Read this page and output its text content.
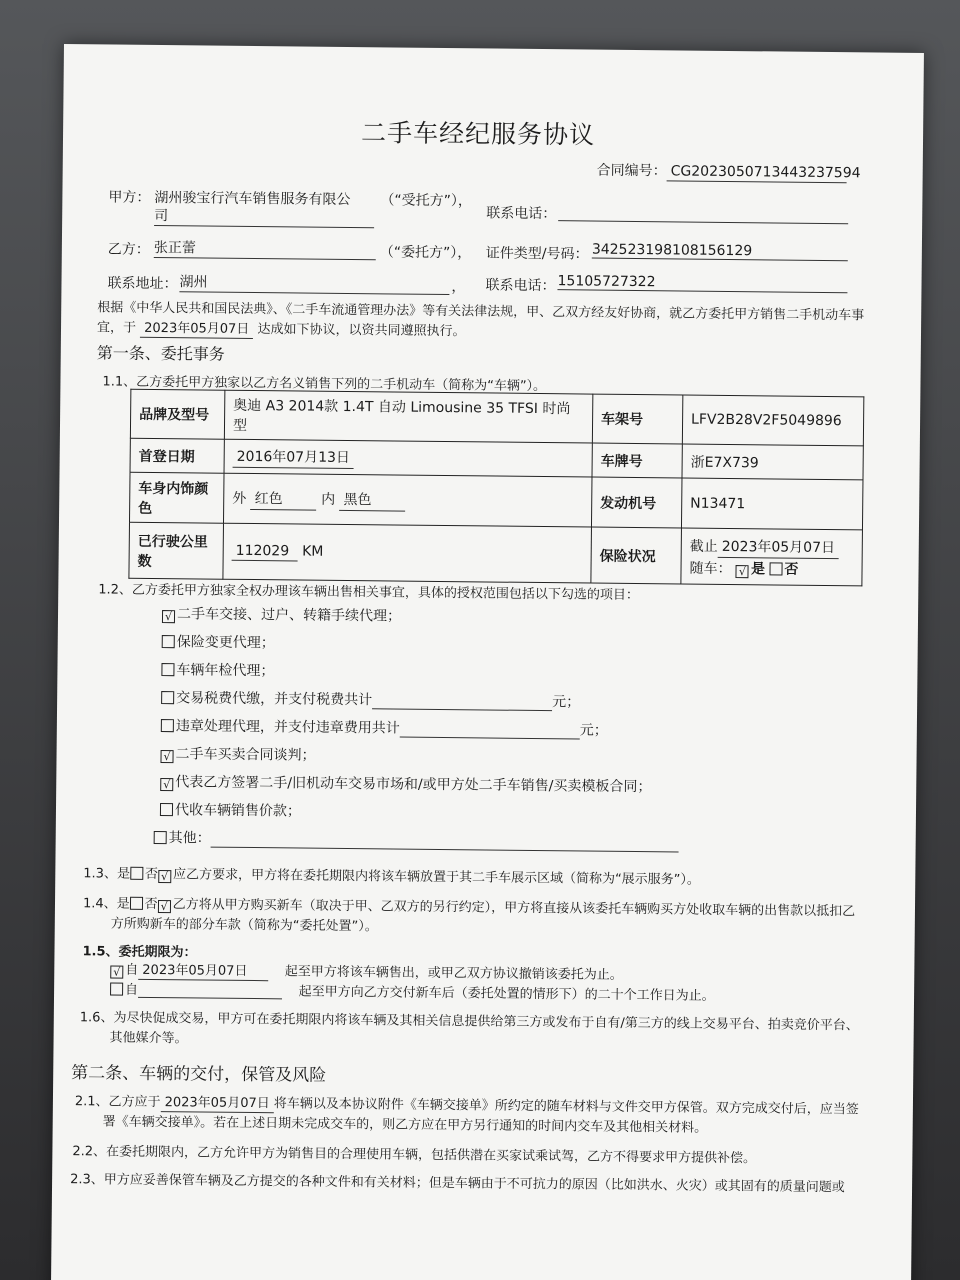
二手车经纪服务协议
合同编号： CG2023050713443237594
甲方： 湖州骏宝行汽车销售服务有限公
司
（“受托方”），
联系电话：
乙方： 张正蕾	（“委托方”）， 证件类型/号码： 342523198108156129
联系地址： 湖州	， 联系电话： 15105727322
根据《中华人民共和国民法典》、《二手车流通管理办法》等有关法律法规，甲、乙双方经友好协商，就乙方委托甲方销售二手机动车事
宜，于 2023年05月07日 达成如下协议，以资共同遵照执行。
第一条、委托事务
1.1、乙方委托甲方独家以乙方名义销售下列的二手机动车（简称为“车辆”）。
品牌及型号	奥迪 A3 2014款 1.4T 自动 Limousine 35 TFSI 时尚型	车架号	LFV2B28V2F5049896
首登日期	2016年07月13日	车牌号	浙E7X739
车身内饰颜
色	外 红色 内 黑色	发动机号	N13471
已行驶公里
数	112029 KM	保险状况	截止 2023年05月07日
随车： √ 是 否
1.2、乙方委托甲方独家全权办理该车辆出售相关事宜，具体的授权范围包括以下勾选的项目：
√ 二手车交接、过户、转籍手续代理；
保险变更代理；
车辆年检代理；
交易税费代缴，并支付税费共计	元；
违章处理代理，并支付违章费用共计	元；
√ 二手车买卖合同谈判；
√ 代表乙方签署二手/旧机动车交易市场和/或甲方处二手车销售/买卖模板合同；
代收车辆销售价款；
其他：
1.3、是 否 √ 应乙方要求，甲方将在委托期限内将该车辆放置于其二手车展示区域（简称为“展示服务”）。
1.4、是 否 √ 乙方将从甲方购买新车（取决于甲、乙双方的另行约定），甲方将直接从该委托车辆购买方处收取车辆的出售款以抵扣乙
方所购新车的部分车款（简称为“委托处置”）。
1.5、委托期限为：
√ 自 2023年05月07日	起至甲方将该车辆售出，或甲乙双方协议撤销该委托为止。
自	起至甲方向乙方交付新车后（委托处置的情形下）的二十个工作日为止。
1.6、为尽快促成交易，甲方可在委托期限内将该车辆及其相关信息提供给第三方或发布于自有/第三方的线上交易平台、拍卖竞价平台、
其他媒介等。
第二条、车辆的交付，保管及风险
2.1、乙方应于 2023年05月07日 将车辆以及本协议附件《车辆交接单》所约定的随车材料与文件交甲方保管。双方完成交付后，应当签
署《车辆交接单》。若在上述日期未完成交车的，则乙方应在甲方另行通知的时间内交车及其他相关材料。
2.2、在委托期限内，乙方允许甲方为销售目的合理使用车辆，包括供潜在买家试乘试驾，乙方不得要求甲方提供补偿。
2.3、甲方应妥善保管车辆及乙方提交的各种文件和有关材料；但是车辆由于不可抗力的原因（比如洪水、火灾）或其固有的质量问题或
